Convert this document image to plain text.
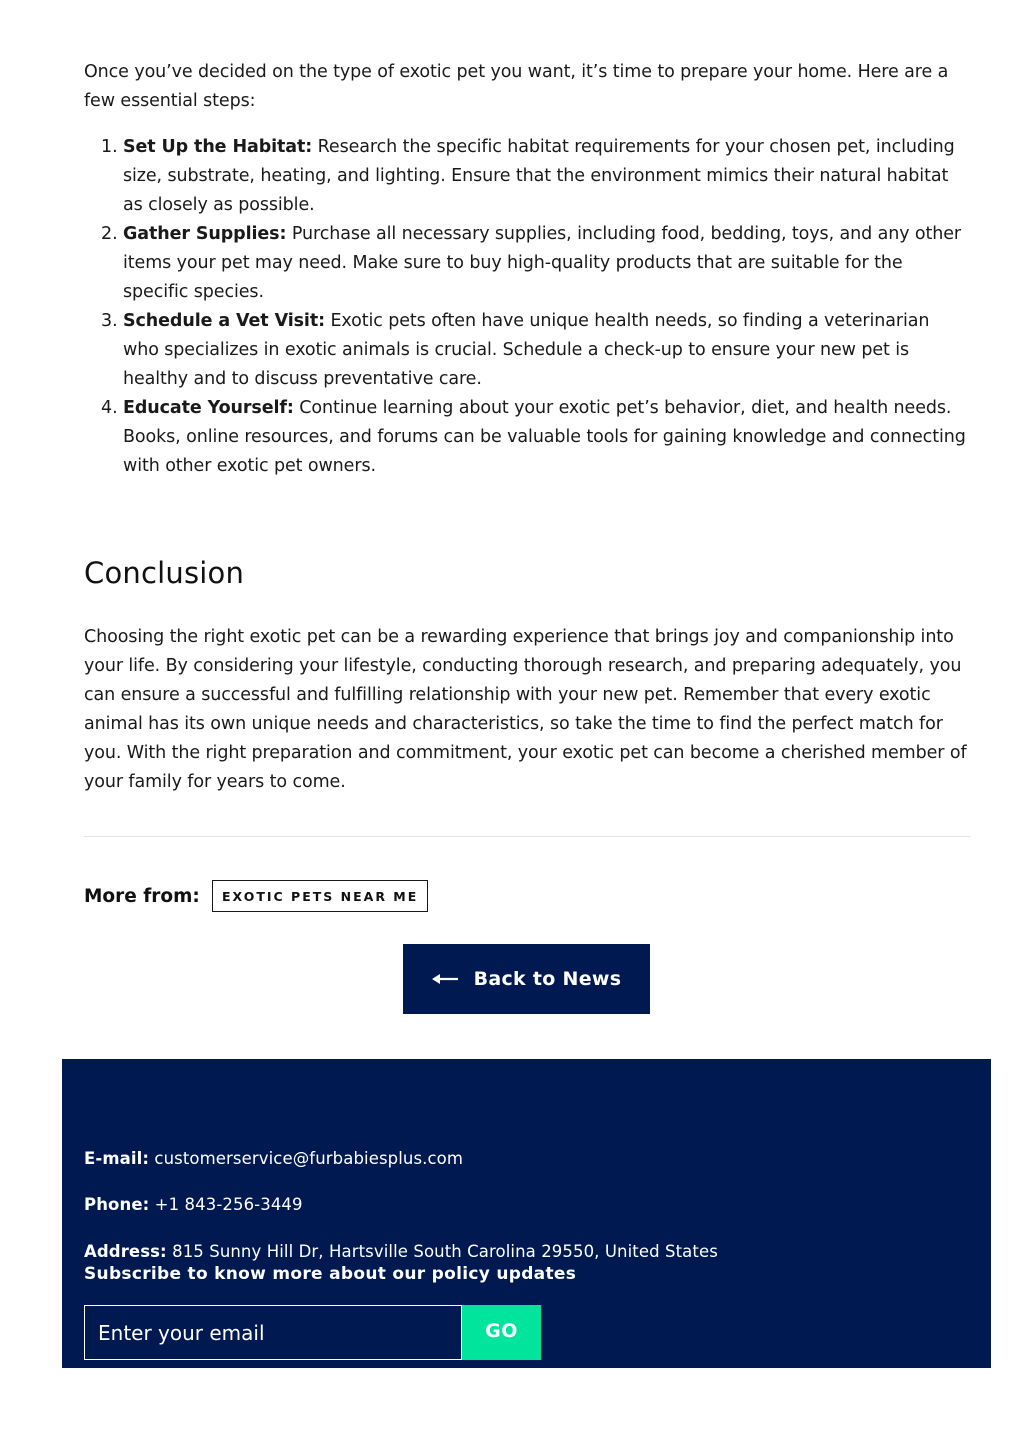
Once you’ve decided on the type of exotic pet you want, it’s time to prepare your home. Here are a few essential steps:

1. Set Up the Habitat: Research the specific habitat requirements for your chosen pet, including size, substrate, heating, and lighting. Ensure that the environment mimics their natural habitat as closely as possible.
2. Gather Supplies: Purchase all necessary supplies, including food, bedding, toys, and any other items your pet may need. Make sure to buy high-quality products that are suitable for the specific species.
3. Schedule a Vet Visit: Exotic pets often have unique health needs, so finding a veterinarian who specializes in exotic animals is crucial. Schedule a check-up to ensure your new pet is healthy and to discuss preventative care.
4. Educate Yourself: Continue learning about your exotic pet’s behavior, diet, and health needs. Books, online resources, and forums can be valuable tools for gaining knowledge and connecting with other exotic pet owners.
Conclusion

Choosing the right exotic pet can be a rewarding experience that brings joy and companionship into your life. By considering your lifestyle, conducting thorough research, and preparing adequately, you can ensure a successful and fulfilling relationship with your new pet. Remember that every exotic animal has its own unique needs and characteristics, so take the time to find the perfect match for you. With the right preparation and commitment, your exotic pet can become a cherished member of your family for years to come.

More from:	EXOTIC PETS NEAR ME
Back to News
E-mail: customerservice@furbabiesplus.com
Phone: +1 843-256-3449
Address: 815 Sunny Hill Dr, Hartsville South Carolina 29550, United States
Subscribe to know more about our policy updates
Enter your email
GO
